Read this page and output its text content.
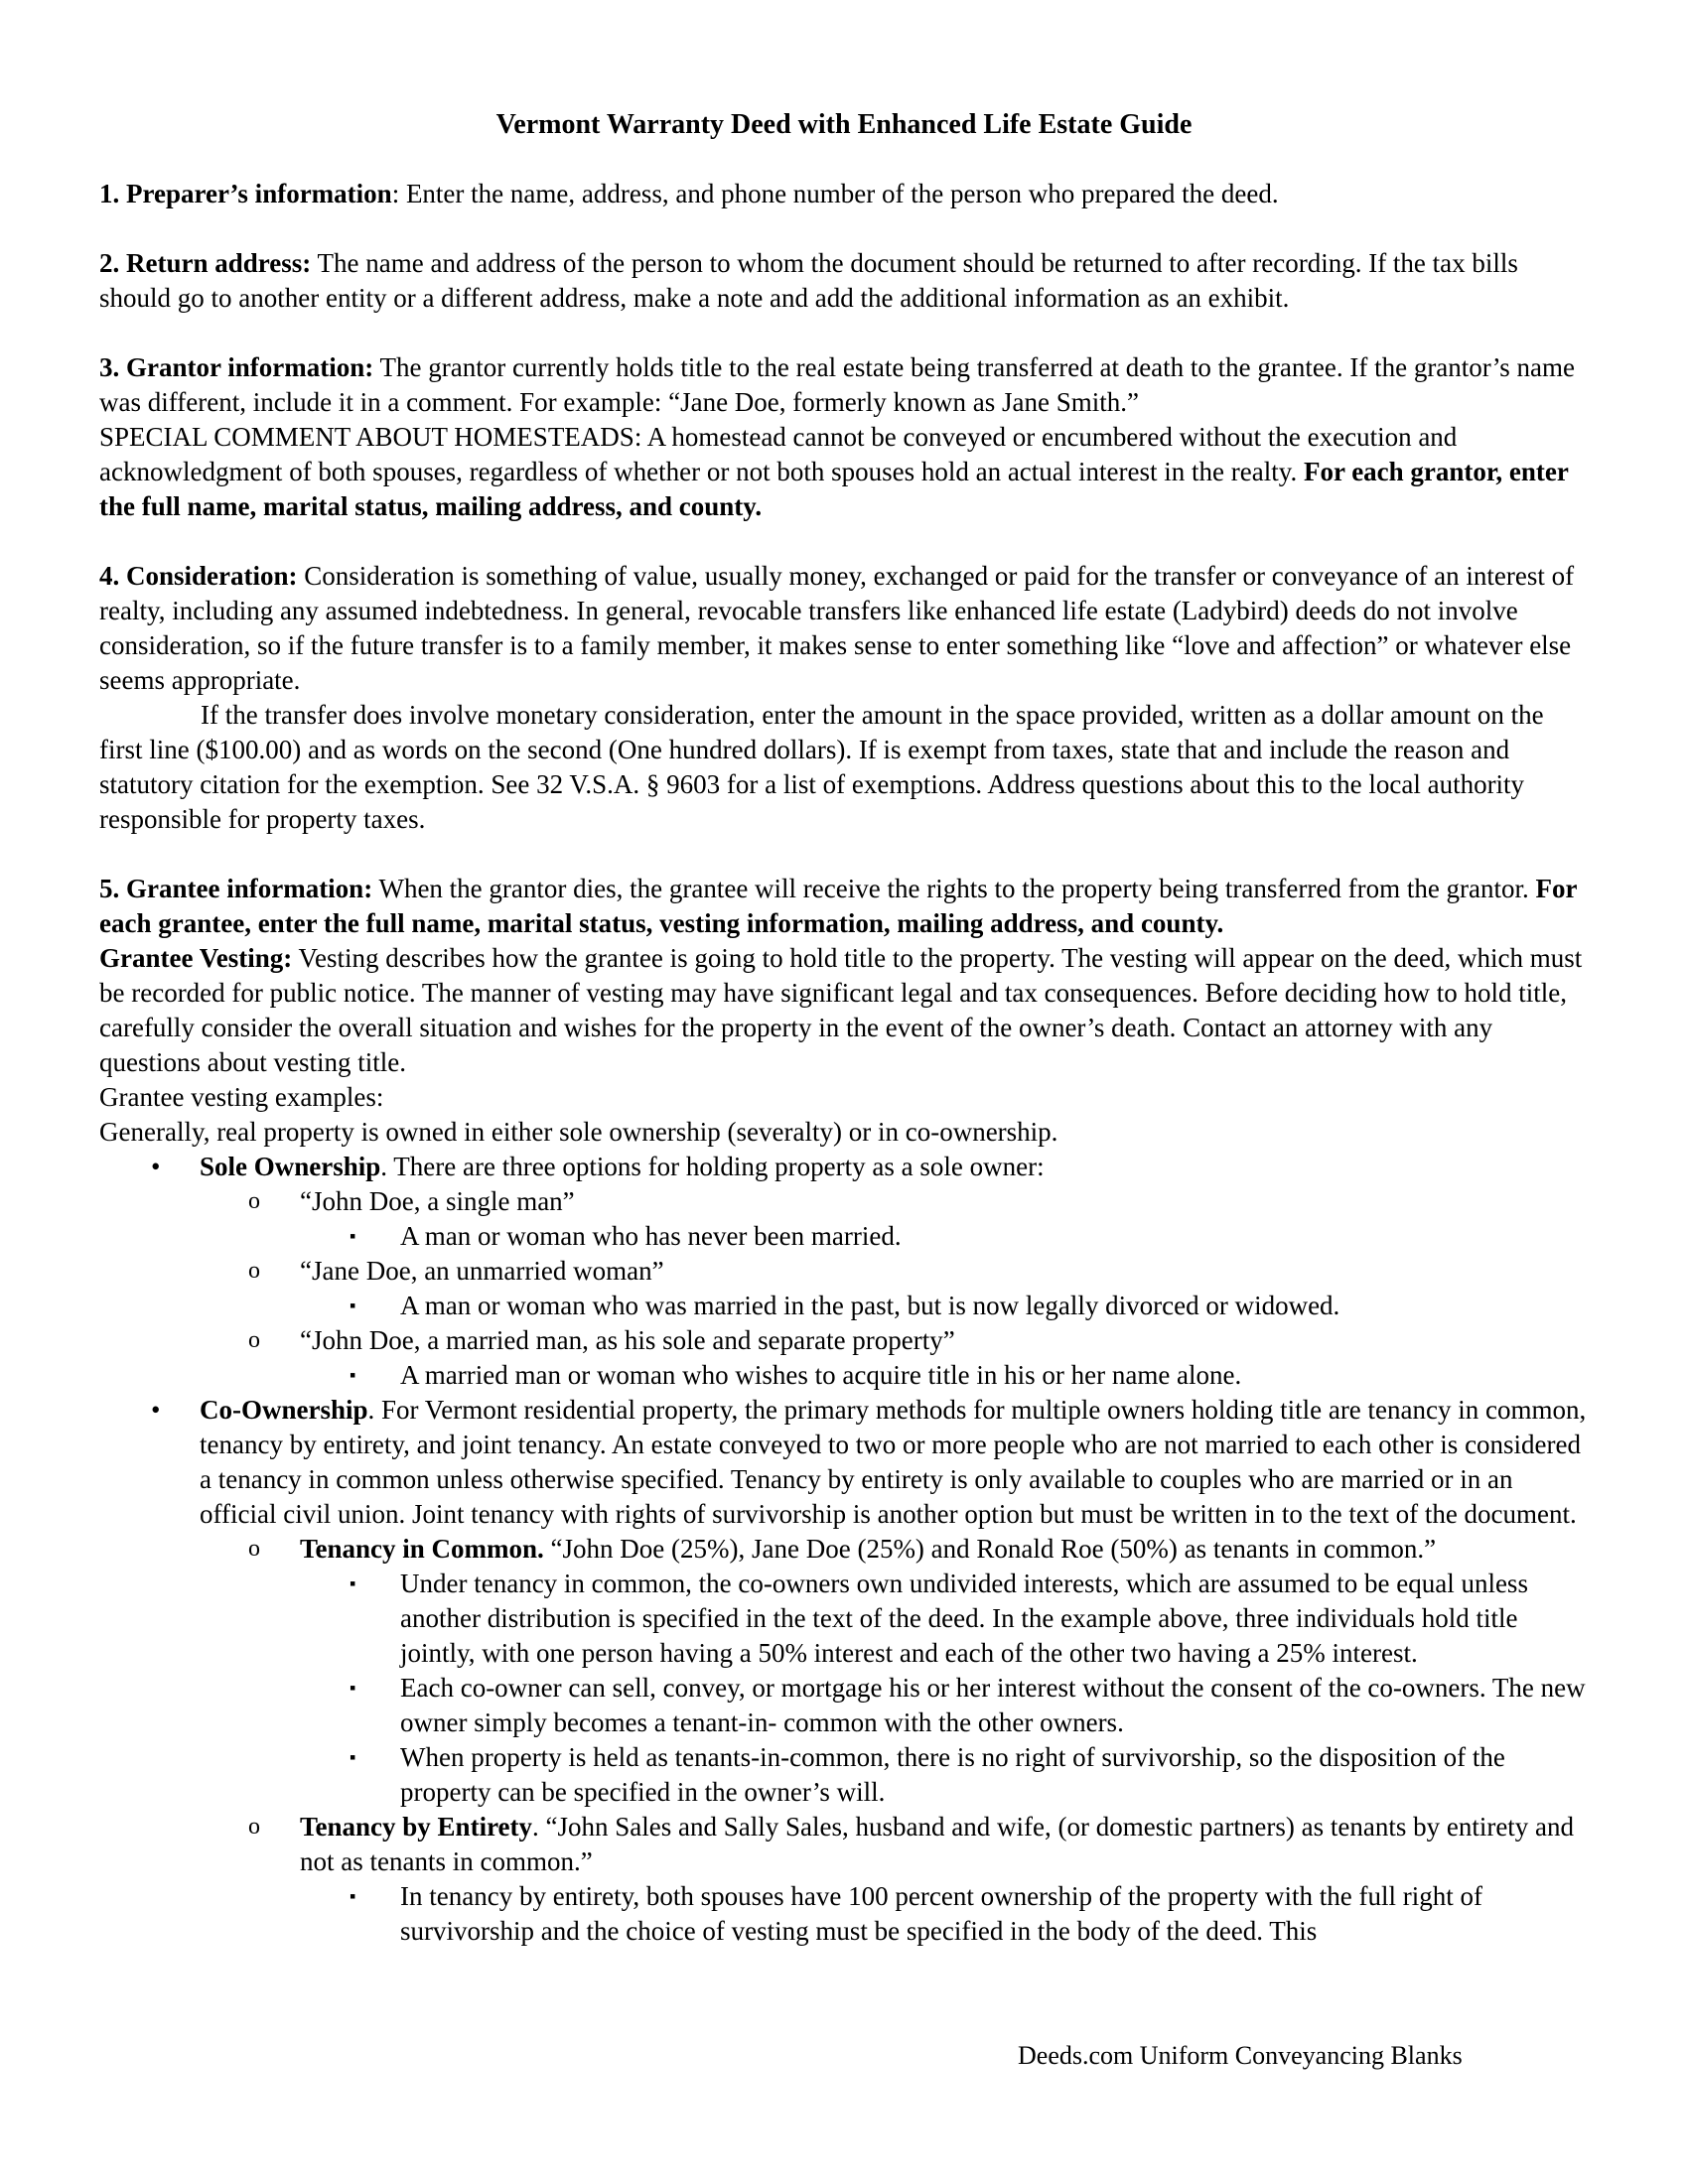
Vermont Warranty Deed with Enhanced Life Estate Guide

1. Preparer’s information: Enter the name, address, and phone number of the person who prepared the deed.

2. Return address: The name and address of the person to whom the document should be returned to after recording. If the tax bills should go to another entity or a different address, make a note and add the additional information as an exhibit.

3. Grantor information: The grantor currently holds title to the real estate being transferred at death to the grantee. If the grantor’s name was different, include it in a comment. For example: “Jane Doe, formerly known as Jane Smith.”

SPECIAL COMMENT ABOUT HOMESTEADS: A homestead cannot be conveyed or encumbered without the execution and acknowledgment of both spouses, regardless of whether or not both spouses hold an actual interest in the realty. For each grantor, enter the full name, marital status, mailing address, and county.

4. Consideration: Consideration is something of value, usually money, exchanged or paid for the transfer or conveyance of an interest of realty, including any assumed indebtedness. In general, revocable transfers like enhanced life estate (Ladybird) deeds do not involve consideration, so if the future transfer is to a family member, it makes sense to enter something like “love and affection” or whatever else seems appropriate.

If the transfer does involve monetary consideration, enter the amount in the space provided, written as a dollar amount on the first line ($100.00) and as words on the second (One hundred dollars). If is exempt from taxes, state that and include the reason and statutory citation for the exemption. See 32 V.S.A. § 9603 for a list of exemptions. Address questions about this to the local authority responsible for property taxes.

5. Grantee information: When the grantor dies, the grantee will receive the rights to the property being transferred from the grantor. For each grantee, enter the full name, marital status, vesting information, mailing address, and county.

Grantee Vesting: Vesting describes how the grantee is going to hold title to the property. The vesting will appear on the deed, which must be recorded for public notice. The manner of vesting may have significant legal and tax consequences. Before deciding how to hold title, carefully consider the overall situation and wishes for the property in the event of the owner’s death. Contact an attorney with any questions about vesting title.

Grantee vesting examples:

Generally, real property is owned in either sole ownership (severalty) or in co-ownership.

• Sole Ownership. There are three options for holding property as a sole owner:
o “John Doe, a single man”
▪ A man or woman who has never been married.
o “Jane Doe, an unmarried woman”
▪ A man or woman who was married in the past, but is now legally divorced or widowed.
o “John Doe, a married man, as his sole and separate property”
▪ A married man or woman who wishes to acquire title in his or her name alone.
• Co-Ownership. For Vermont residential property, the primary methods for multiple owners holding title are tenancy in common, tenancy by entirety, and joint tenancy. An estate conveyed to two or more people who are not married to each other is considered a tenancy in common unless otherwise specified. Tenancy by entirety is only available to couples who are married or in an official civil union. Joint tenancy with rights of survivorship is another option but must be written in to the text of the document.
o Tenancy in Common. “John Doe (25%), Jane Doe (25%) and Ronald Roe (50%) as tenants in common.”
▪ Under tenancy in common, the co-owners own undivided interests, which are assumed to be equal unless another distribution is specified in the text of the deed. In the example above, three individuals hold title jointly, with one person having a 50% interest and each of the other two having a 25% interest.
▪ Each co-owner can sell, convey, or mortgage his or her interest without the consent of the co-owners. The new owner simply becomes a tenant-in- common with the other owners.
▪ When property is held as tenants-in-common, there is no right of survivorship, so the disposition of the property can be specified in the owner’s will.
o Tenancy by Entirety. “John Sales and Sally Sales, husband and wife, (or domestic partners) as tenants by entirety and not as tenants in common.”
▪ In tenancy by entirety, both spouses have 100 percent ownership of the property with the full right of survivorship and the choice of vesting must be specified in the body of the deed. This
Deeds.com Uniform Conveyancing Blanks
